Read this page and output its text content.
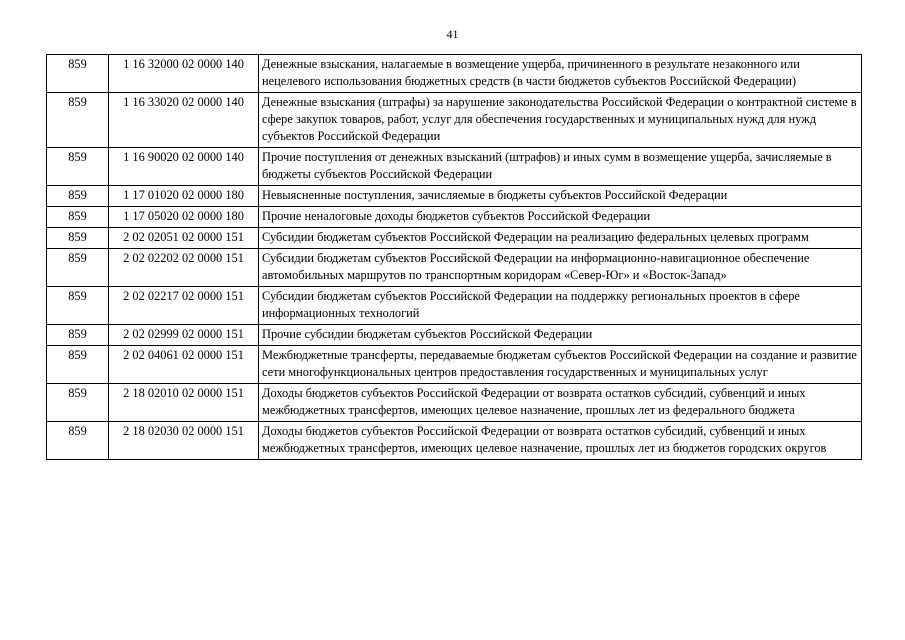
41
859	1 16 32000 02 0000 140	Денежные взыскания, налагаемые в возмещение ущерба, причиненного в результате незаконного или нецелевого использования бюджетных средств (в части бюджетов субъектов Российской Федерации)
859	1 16 33020 02 0000 140	Денежные взыскания (штрафы) за нарушение законодательства Российской Федерации о контрактной системе в сфере закупок товаров, работ, услуг для обеспечения государственных и муниципальных нужд для нужд субъектов Российской Федерации
859	1 16 90020 02 0000 140	Прочие поступления от денежных взысканий (штрафов) и иных сумм в возмещение ущерба, зачисляемые в бюджеты субъектов Российской Федерации
859	1 17 01020 02 0000 180	Невыясненные поступления, зачисляемые в бюджеты субъектов Российской Федерации
859	1 17 05020 02 0000 180	Прочие неналоговые доходы бюджетов субъектов Российской Федерации
859	2 02 02051 02 0000 151	Субсидии бюджетам субъектов Российской Федерации на реализацию федеральных целевых программ
859	2 02 02202 02 0000 151	Субсидии бюджетам субъектов Российской Федерации на информационно-навигационное обеспечение автомобильных маршрутов по транспортным коридорам «Север-Юг» и «Восток-Запад»
859	2 02 02217 02 0000 151	Субсидии бюджетам субъектов Российской Федерации на поддержку региональных проектов в сфере информационных технологий
859	2 02 02999 02 0000 151	Прочие субсидии бюджетам субъектов Российской Федерации
859	2 02 04061 02 0000 151	Межбюджетные трансферты, передаваемые бюджетам субъектов Российской Федерации на создание и развитие сети многофункциональных центров предоставления государственных и муниципальных услуг
859	2 18 02010 02 0000 151	Доходы бюджетов субъектов Российской Федерации от возврата остатков субсидий, субвенций и иных межбюджетных трансфертов, имеющих целевое назначение, прошлых лет из федерального бюджета
859	2 18 02030 02 0000 151	Доходы бюджетов субъектов Российской Федерации от возврата остатков субсидий, субвенций и иных межбюджетных трансфертов, имеющих целевое назначение, прошлых лет из бюджетов городских округов
